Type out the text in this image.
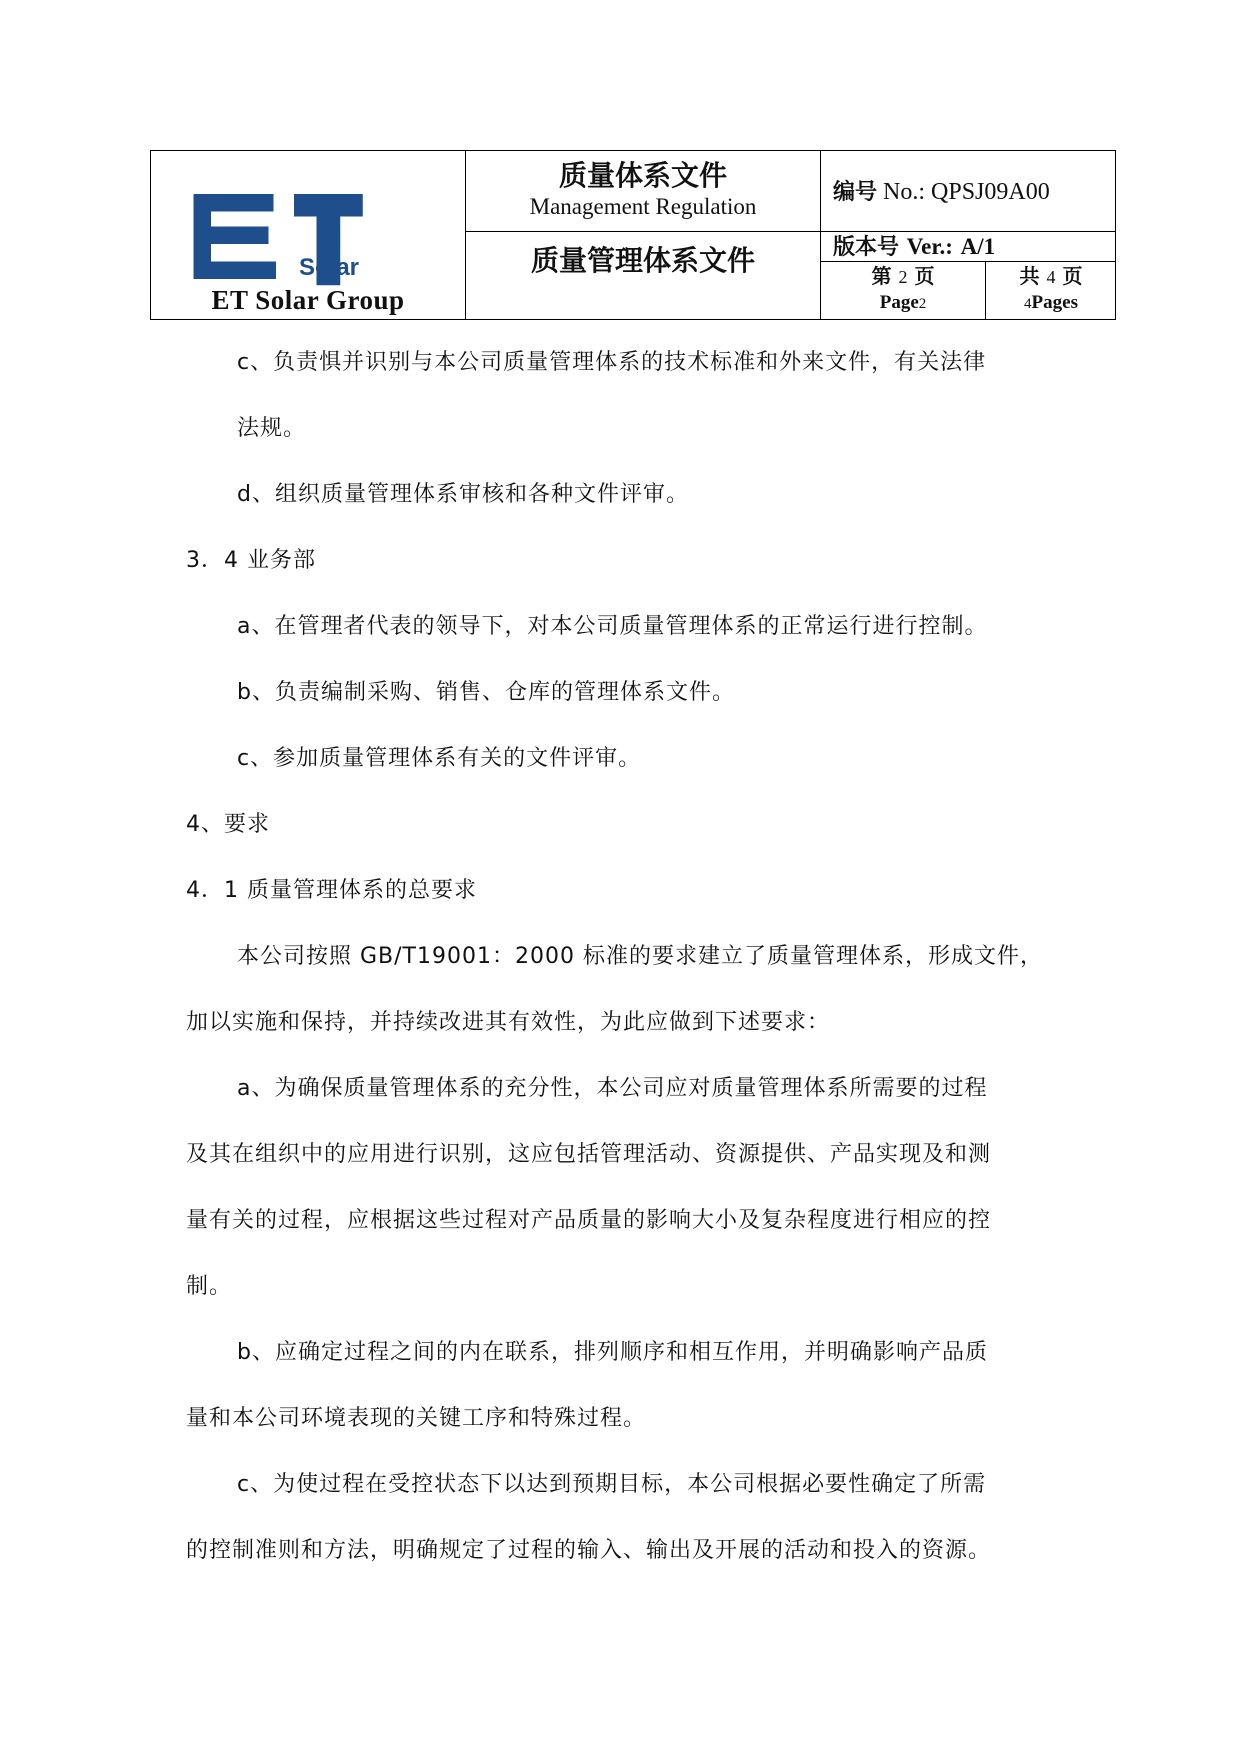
Solar
ET Solar Group
质量体系文件
Management Regulation
质量管理体系文件
编号 No.: QPSJ09A00
版本号 Ver.: A/1
第 2 页
Page2
共 4 页
4Pages
c、负责惧并识别与本公司质量管理体系的技术标准和外来文件，有关法律
法规。
d、组织质量管理体系审核和各种文件评审。
3．4 业务部
a、在管理者代表的领导下，对本公司质量管理体系的正常运行进行控制。
b、负责编制采购、销售、仓库的管理体系文件。
c、参加质量管理体系有关的文件评审。
4、要求
4．1 质量管理体系的总要求
本公司按照 GB/T19001：2000 标准的要求建立了质量管理体系，形成文件，
加以实施和保持，并持续改进其有效性，为此应做到下述要求：
a、为确保质量管理体系的充分性，本公司应对质量管理体系所需要的过程
及其在组织中的应用进行识别，这应包括管理活动、资源提供、产品实现及和测
量有关的过程，应根据这些过程对产品质量的影响大小及复杂程度进行相应的控
制。
b、应确定过程之间的内在联系，排列顺序和相互作用，并明确影响产品质
量和本公司环境表现的关键工序和特殊过程。
c、为使过程在受控状态下以达到预期目标，本公司根据必要性确定了所需
的控制准则和方法，明确规定了过程的输入、输出及开展的活动和投入的资源。
